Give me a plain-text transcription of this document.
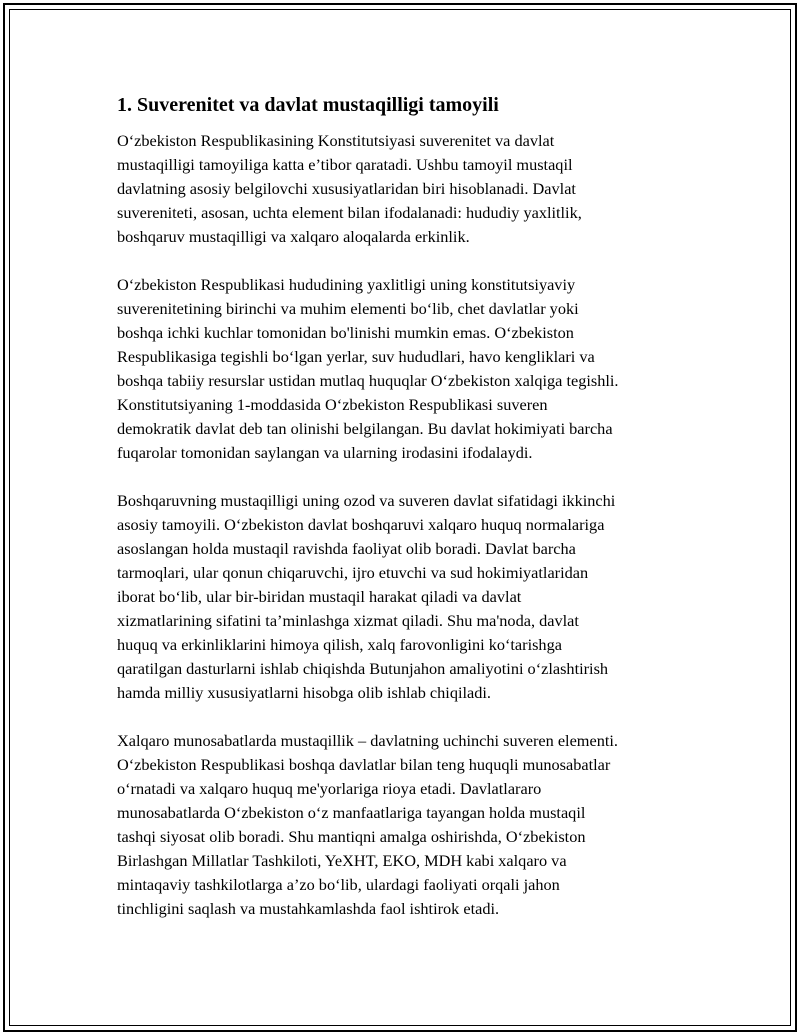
1. Suverenitet va davlat mustaqilligi tamoyili

O‘zbekiston Respublikasining Konstitutsiyasi suverenitet va davlat
mustaqilligi tamoyiliga katta e’tibor qaratadi. Ushbu tamoyil mustaqil
davlatning asosiy belgilovchi xususiyatlaridan biri hisoblanadi. Davlat
suvereniteti, asosan, uchta element bilan ifodalanadi: hududiy yaxlitlik,
boshqaruv mustaqilligi va xalqaro aloqalarda erkinlik.

O‘zbekiston Respublikasi hududining yaxlitligi uning konstitutsiyaviy
suverenitetining birinchi va muhim elementi bo‘lib, chet davlatlar yoki
boshqa ichki kuchlar tomonidan bo'linishi mumkin emas. O‘zbekiston
Respublikasiga tegishli bo‘lgan yerlar, suv hududlari, havo kengliklari va
boshqa tabiiy resurslar ustidan mutlaq huquqlar O‘zbekiston xalqiga tegishli.
Konstitutsiyaning 1-moddasida O‘zbekiston Respublikasi suveren
demokratik davlat deb tan olinishi belgilangan. Bu davlat hokimiyati barcha
fuqarolar tomonidan saylangan va ularning irodasini ifodalaydi.

Boshqaruvning mustaqilligi uning ozod va suveren davlat sifatidagi ikkinchi
asosiy tamoyili. O‘zbekiston davlat boshqaruvi xalqaro huquq normalariga
asoslangan holda mustaqil ravishda faoliyat olib boradi. Davlat barcha
tarmoqlari, ular qonun chiqaruvchi, ijro etuvchi va sud hokimiyatlaridan
iborat bo‘lib, ular bir-biridan mustaqil harakat qiladi va davlat
xizmatlarining sifatini ta’minlashga xizmat qiladi. Shu ma'noda, davlat
huquq va erkinliklarini himoya qilish, xalq farovonligini ko‘tarishga
qaratilgan dasturlarni ishlab chiqishda Butunjahon amaliyotini o‘zlashtirish
hamda milliy xususiyatlarni hisobga olib ishlab chiqiladi.

Xalqaro munosabatlarda mustaqillik – davlatning uchinchi suveren elementi.
O‘zbekiston Respublikasi boshqa davlatlar bilan teng huquqli munosabatlar
o‘rnatadi va xalqaro huquq me'yorlariga rioya etadi. Davlatlararo
munosabatlarda O‘zbekiston o‘z manfaatlariga tayangan holda mustaqil
tashqi siyosat olib boradi. Shu mantiqni amalga oshirishda, O‘zbekiston
Birlashgan Millatlar Tashkiloti, YeXHT, EKO, MDH kabi xalqaro va
mintaqaviy tashkilotlarga a’zo bo‘lib, ulardagi faoliyati orqali jahon
tinchligini saqlash va mustahkamlashda faol ishtirok etadi.
